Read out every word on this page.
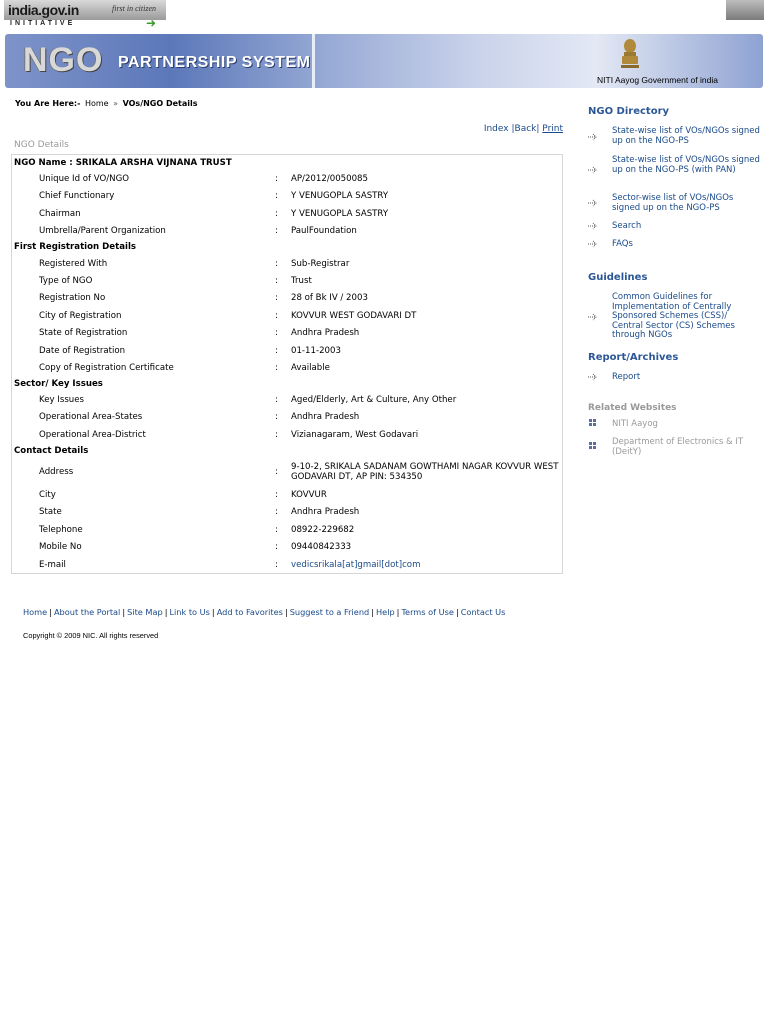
india.gov.in	first in citizen
INITIATIVE	➜
NGO PARTNERSHIP SYSTEM
NITI Aayog Government of india
You Are Here:- Home » VOs/NGO Details
Index |Back| Print
NGO Details
NGO Name : SRIKALA ARSHA VIJNANA TRUST
Unique Id of VO/NGO	: AP/2012/0050085
Chief Functionary	: Y VENUGOPLA SASTRY
Chairman	: Y VENUGOPLA SASTRY
Umbrella/Parent Organization	: PaulFoundation
First Registration Details
Registered With	: Sub-Registrar
Type of NGO	: Trust
Registration No	: 28 of Bk IV / 2003
City of Registration	: KOVVUR WEST GODAVARI DT
State of Registration	: Andhra Pradesh
Date of Registration	: 01-11-2003
Copy of Registration Certificate	: Available
Sector/ Key Issues
Key Issues	: Aged/Elderly, Art & Culture, Any Other
Operational Area-States	: Andhra Pradesh
Operational Area-District	: Vizianagaram, West Godavari
Contact Details
Address	: 9-10-2, SRIKALA SADANAM GOWTHAMI NAGAR KOVVUR WEST GODAVARI DT, AP PIN: 534350
City	: KOVVUR
State	: Andhra Pradesh
Telephone	: 08922-229682
Mobile No	: 09440842333
E-mail	: vedicsrikala[at]gmail[dot]com
Home | About the Portal | Site Map | Link to Us | Add to Favorites | Suggest to a Friend | Help | Terms of Use | Contact Us
Copyright © 2009 NIC. All rights reserved
NGO Directory
State-wise list of VOs/NGOs signed up on the NGO-PS
State-wise list of VOs/NGOs signed up on the NGO-PS (with PAN)
Sector-wise list of VOs/NGOs signed up on the NGO-PS
Search
FAQs
Guidelines
Common Guidelines for Implementation of Centrally Sponsored Schemes (CSS)/ Central Sector (CS) Schemes through NGOs
Report/Archives
Report
Related Websites
NITI Aayog
Department of Electronics & IT (DeitY)
